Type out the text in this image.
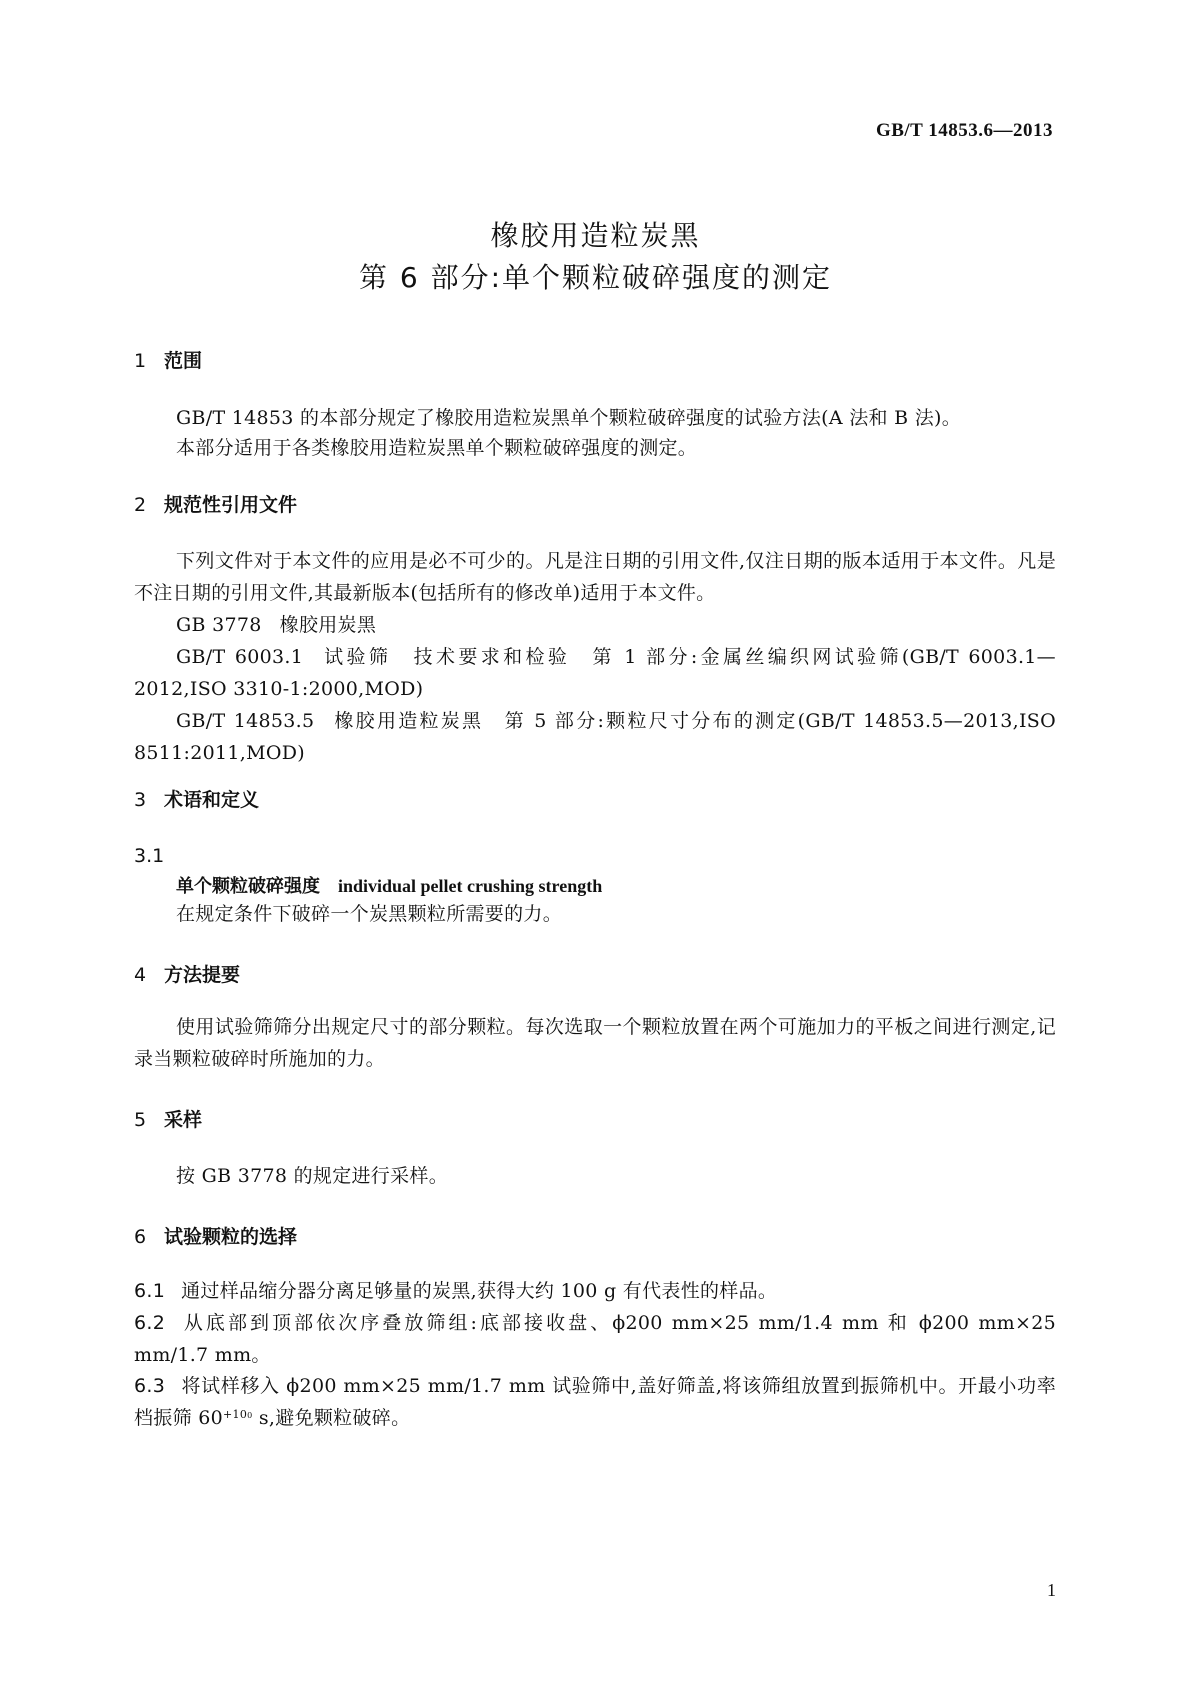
GB/T 14853.6—2013
橡胶用造粒炭黑
第 6 部分:单个颗粒破碎强度的测定
1 范围
GB/T 14853 的本部分规定了橡胶用造粒炭黑单个颗粒破碎强度的试验方法(A 法和 B 法)。
本部分适用于各类橡胶用造粒炭黑单个颗粒破碎强度的测定。
2 规范性引用文件
下列文件对于本文件的应用是必不可少的。凡是注日期的引用文件,仅注日期的版本适用于本文件。凡是不注日期的引用文件,其最新版本(包括所有的修改单)适用于本文件。
GB 3778 橡胶用炭黑
GB/T 6003.1 试验筛　技术要求和检验　第 1 部分:金属丝编织网试验筛(GB/T 6003.1—2012,ISO 3310-1:2000,MOD)
GB/T 14853.5 橡胶用造粒炭黑　第 5 部分:颗粒尺寸分布的测定(GB/T 14853.5—2013,ISO 8511:2011,MOD)
3 术语和定义
3.1
单个颗粒破碎强度 individual pellet crushing strength
在规定条件下破碎一个炭黑颗粒所需要的力。
4 方法提要
使用试验筛筛分出规定尺寸的部分颗粒。每次选取一个颗粒放置在两个可施加力的平板之间进行测定,记录当颗粒破碎时所施加的力。
5 采样
按 GB 3778 的规定进行采样。
6 试验颗粒的选择
6.1 通过样品缩分器分离足够量的炭黑,获得大约 100 g 有代表性的样品。
6.2 从底部到顶部依次序叠放筛组:底部接收盘、ϕ200 mm×25 mm/1.4 mm 和 ϕ200 mm×25 mm/1.7 mm。
6.3 将试样移入 ϕ200 mm×25 mm/1.7 mm 试验筛中,盖好筛盖,将该筛组放置到振筛机中。开最小功率档振筛 $60^{+100}$ s,避免颗粒破碎。
1
